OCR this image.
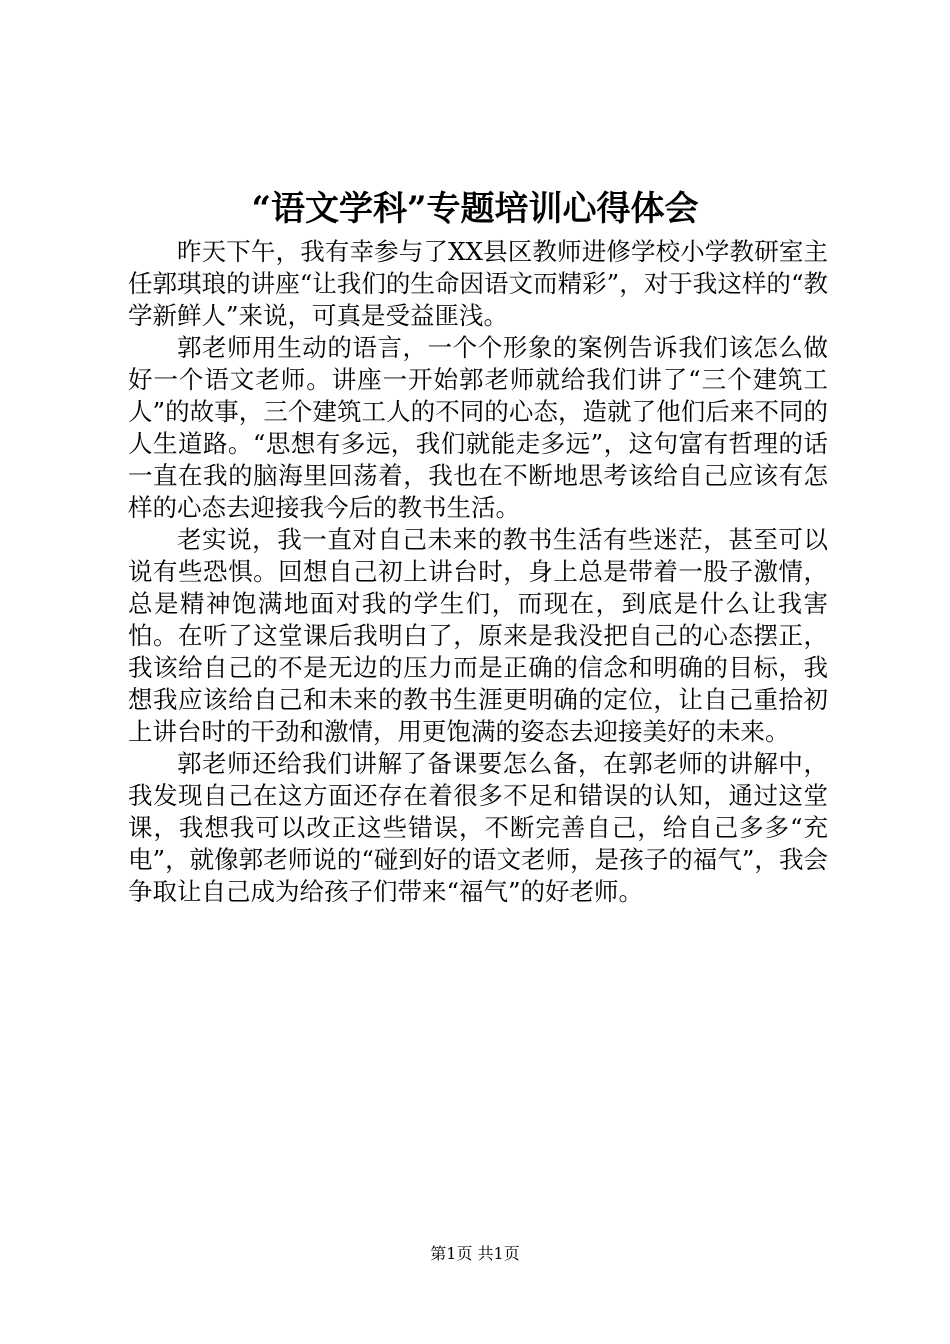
“语文学科”专题培训心得体会

昨天下午，我有幸参与了XX县区教师进修学校小学教研室主任郭琪琅的讲座“让我们的生命因语文而精彩”，对于我这样的“教学新鲜人”来说，可真是受益匪浅。

郭老师用生动的语言，一个个形象的案例告诉我们该怎么做好一个语文老师。讲座一开始郭老师就给我们讲了“三个建筑工人”的故事，三个建筑工人的不同的心态，造就了他们后来不同的人生道路。“思想有多远，我们就能走多远”，这句富有哲理的话一直在我的脑海里回荡着，我也在不断地思考该给自己应该有怎样的心态去迎接我今后的教书生活。

老实说，我一直对自己未来的教书生活有些迷茫，甚至可以说有些恐惧。回想自己初上讲台时，身上总是带着一股子激情，总是精神饱满地面对我的学生们，而现在，到底是什么让我害怕。在听了这堂课后我明白了，原来是我没把自己的心态摆正，我该给自己的不是无边的压力而是正确的信念和明确的目标，我想我应该给自己和未来的教书生涯更明确的定位，让自己重拾初上讲台时的干劲和激情，用更饱满的姿态去迎接美好的未来。

郭老师还给我们讲解了备课要怎么备，在郭老师的讲解中，我发现自己在这方面还存在着很多不足和错误的认知，通过这堂课，我想我可以改正这些错误，不断完善自己，给自己多多“充电”，就像郭老师说的“碰到好的语文老师，是孩子的福气”，我会争取让自己成为给孩子们带来“福气”的好老师。

第1页 共1页
